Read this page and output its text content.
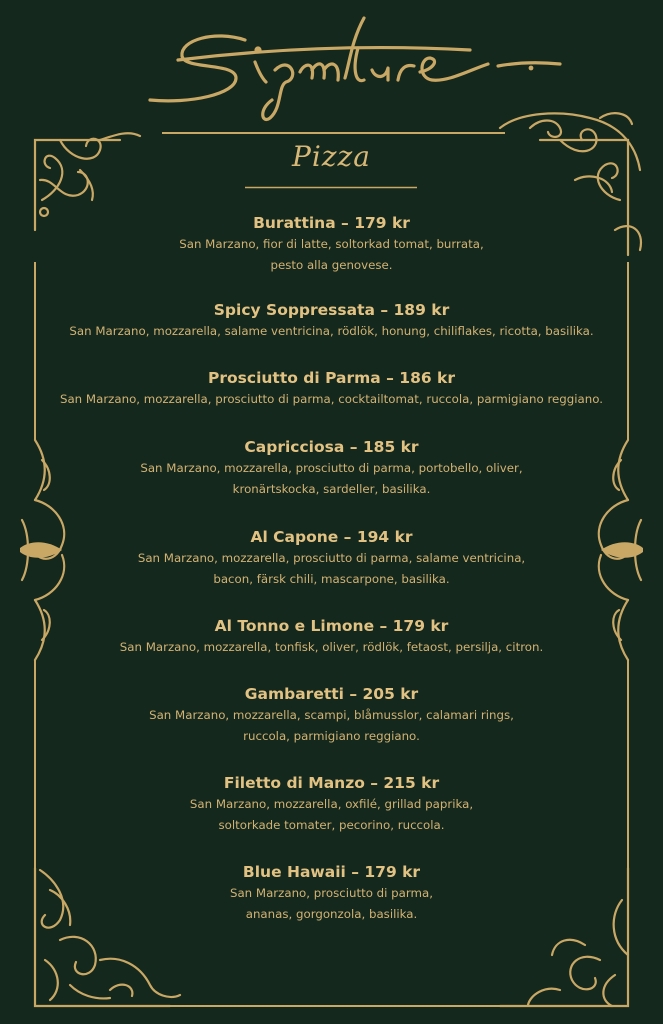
Pizza
Burattina – 179 kr
San Marzano, fior di latte, soltorkad tomat, burrata,
pesto alla genovese.
Spicy Soppressata – 189 kr
San Marzano, mozzarella, salame ventricina, rödlök, honung, chiliflakes, ricotta, basilika.
Prosciutto di Parma – 186 kr
San Marzano, mozzarella, prosciutto di parma, cocktailtomat, ruccola, parmigiano reggiano.
Capricciosa – 185 kr
San Marzano, mozzarella, prosciutto di parma, portobello, oliver,
kronärtskocka, sardeller, basilika.
Al Capone – 194 kr
San Marzano, mozzarella, prosciutto di parma, salame ventricina,
bacon, färsk chili, mascarpone, basilika.
Al Tonno e Limone – 179 kr
San Marzano, mozzarella, tonfisk, oliver, rödlök, fetaost, persilja, citron.
Gambaretti – 205 kr
San Marzano, mozzarella, scampi, blåmusslor, calamari rings,
ruccola, parmigiano reggiano.
Filetto di Manzo – 215 kr
San Marzano, mozzarella, oxfilé, grillad paprika,
soltorkade tomater, pecorino, ruccola.
Blue Hawaii – 179 kr
San Marzano, prosciutto di parma,
ananas, gorgonzola, basilika.
